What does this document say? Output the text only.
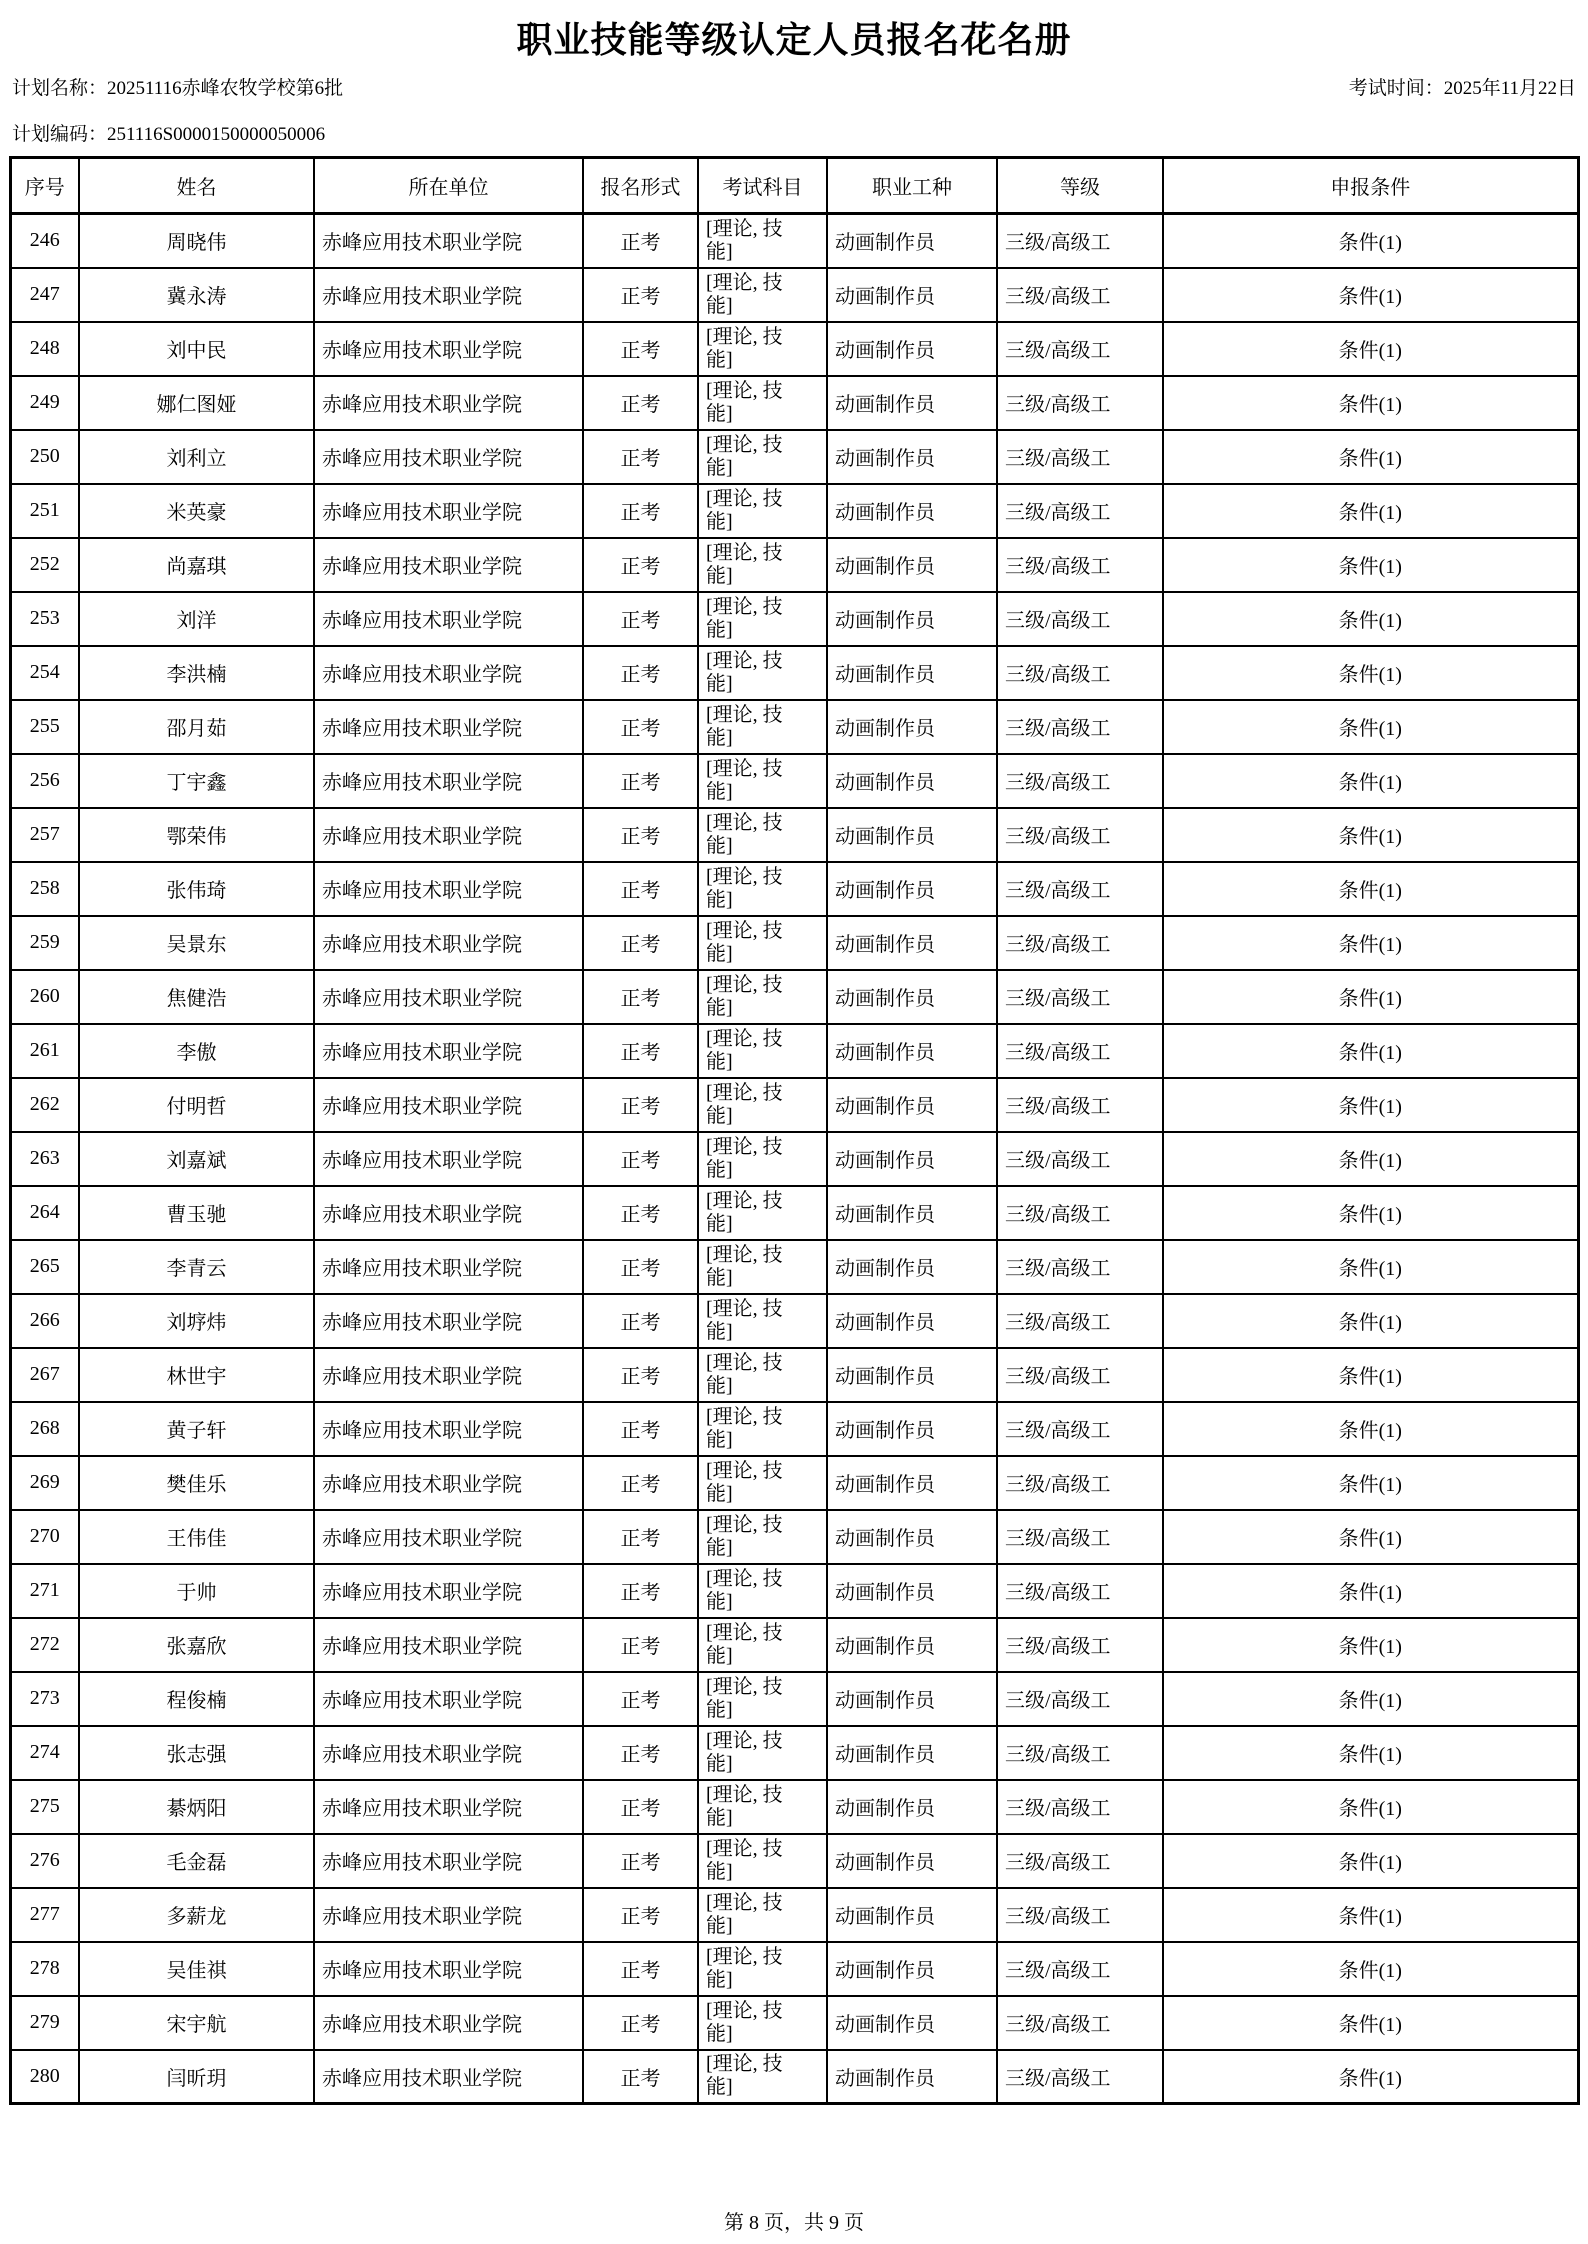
职业技能等级认定人员报名花名册
计划名称：20251116赤峰农牧学校第6批	考试时间：2025年11月22日
计划编码：251116S0000150000050006
序号	姓名	所在单位	报名形式	考试科目	职业工种	等级	申报条件
246	周晓伟	赤峰应用技术职业学院	正考	[理论, 技能]	动画制作员	三级/高级工	条件(1)
247	冀永涛	赤峰应用技术职业学院	正考	[理论, 技能]	动画制作员	三级/高级工	条件(1)
248	刘中民	赤峰应用技术职业学院	正考	[理论, 技能]	动画制作员	三级/高级工	条件(1)
249	娜仁图娅	赤峰应用技术职业学院	正考	[理论, 技能]	动画制作员	三级/高级工	条件(1)
250	刘利立	赤峰应用技术职业学院	正考	[理论, 技能]	动画制作员	三级/高级工	条件(1)
251	米英豪	赤峰应用技术职业学院	正考	[理论, 技能]	动画制作员	三级/高级工	条件(1)
252	尚嘉琪	赤峰应用技术职业学院	正考	[理论, 技能]	动画制作员	三级/高级工	条件(1)
253	刘洋	赤峰应用技术职业学院	正考	[理论, 技能]	动画制作员	三级/高级工	条件(1)
254	李洪楠	赤峰应用技术职业学院	正考	[理论, 技能]	动画制作员	三级/高级工	条件(1)
255	邵月茹	赤峰应用技术职业学院	正考	[理论, 技能]	动画制作员	三级/高级工	条件(1)
256	丁宇鑫	赤峰应用技术职业学院	正考	[理论, 技能]	动画制作员	三级/高级工	条件(1)
257	鄂荣伟	赤峰应用技术职业学院	正考	[理论, 技能]	动画制作员	三级/高级工	条件(1)
258	张伟琦	赤峰应用技术职业学院	正考	[理论, 技能]	动画制作员	三级/高级工	条件(1)
259	吴景东	赤峰应用技术职业学院	正考	[理论, 技能]	动画制作员	三级/高级工	条件(1)
260	焦健浩	赤峰应用技术职业学院	正考	[理论, 技能]	动画制作员	三级/高级工	条件(1)
261	李傲	赤峰应用技术职业学院	正考	[理论, 技能]	动画制作员	三级/高级工	条件(1)
262	付明哲	赤峰应用技术职业学院	正考	[理论, 技能]	动画制作员	三级/高级工	条件(1)
263	刘嘉斌	赤峰应用技术职业学院	正考	[理论, 技能]	动画制作员	三级/高级工	条件(1)
264	曹玉驰	赤峰应用技术职业学院	正考	[理论, 技能]	动画制作员	三级/高级工	条件(1)
265	李青云	赤峰应用技术职业学院	正考	[理论, 技能]	动画制作员	三级/高级工	条件(1)
266	刘垿炜	赤峰应用技术职业学院	正考	[理论, 技能]	动画制作员	三级/高级工	条件(1)
267	林世宇	赤峰应用技术职业学院	正考	[理论, 技能]	动画制作员	三级/高级工	条件(1)
268	黄子轩	赤峰应用技术职业学院	正考	[理论, 技能]	动画制作员	三级/高级工	条件(1)
269	樊佳乐	赤峰应用技术职业学院	正考	[理论, 技能]	动画制作员	三级/高级工	条件(1)
270	王伟佳	赤峰应用技术职业学院	正考	[理论, 技能]	动画制作员	三级/高级工	条件(1)
271	于帅	赤峰应用技术职业学院	正考	[理论, 技能]	动画制作员	三级/高级工	条件(1)
272	张嘉欣	赤峰应用技术职业学院	正考	[理论, 技能]	动画制作员	三级/高级工	条件(1)
273	程俊楠	赤峰应用技术职业学院	正考	[理论, 技能]	动画制作员	三级/高级工	条件(1)
274	张志强	赤峰应用技术职业学院	正考	[理论, 技能]	动画制作员	三级/高级工	条件(1)
275	綦炳阳	赤峰应用技术职业学院	正考	[理论, 技能]	动画制作员	三级/高级工	条件(1)
276	毛金磊	赤峰应用技术职业学院	正考	[理论, 技能]	动画制作员	三级/高级工	条件(1)
277	多薪龙	赤峰应用技术职业学院	正考	[理论, 技能]	动画制作员	三级/高级工	条件(1)
278	吴佳祺	赤峰应用技术职业学院	正考	[理论, 技能]	动画制作员	三级/高级工	条件(1)
279	宋宇航	赤峰应用技术职业学院	正考	[理论, 技能]	动画制作员	三级/高级工	条件(1)
280	闫昕玥	赤峰应用技术职业学院	正考	[理论, 技能]	动画制作员	三级/高级工	条件(1)
第 8 页，共 9 页
